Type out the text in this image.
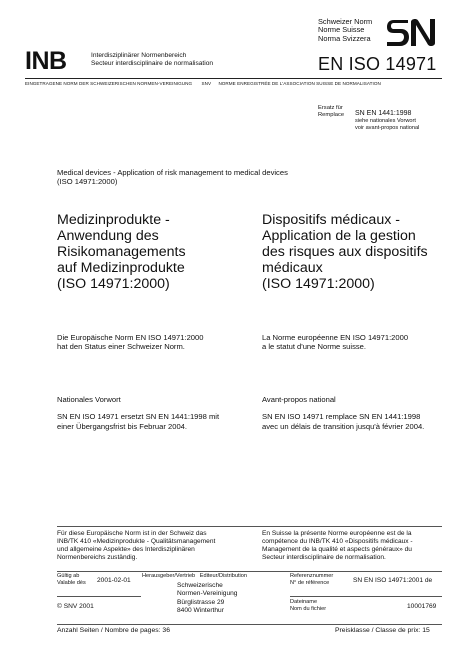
INB	Interdisziplinärer Normenbereich
Secteur interdisciplinaire de normalisation
Schweizer Norm
Norme Suisse
Norma Svizzera
SN
EN ISO 14971
EINGETRAGENE NORM DER SCHWEIZERISCHEN NORMEN-VEREINIGUNG SNV NORME ENREGISTRÉE DE L'ASSOCIATION SUISSE DE NORMALISATION
Ersatz für
Remplace SN EN 1441:1998
siehe nationales Vorwort
voir avant-propos national
Medical devices - Application of risk management to medical devices
(ISO 14971:2000)
Medizinprodukte -
Anwendung des
Risikomanagements
auf Medizinprodukte
(ISO 14971:2000)
Dispositifs médicaux -
Application de la gestion
des risques aux dispositifs
médicaux
(ISO 14971:2000)
Die Europäische Norm EN ISO 14971:2000
hat den Status einer Schweizer Norm.
La Norme européenne EN ISO 14971:2000
a le statut d'une Norme suisse.
Nationales Vorwort
SN EN ISO 14971 ersetzt SN EN 1441:1998 mit
einer Übergangsfrist bis Februar 2004.
Avant-propos national
SN EN ISO 14971 remplace SN EN 1441:1998
avec un délais de transition jusqu'à février 2004.
Für diese Europäische Norm ist in der Schweiz das
INB/TK 410 «Medizinprodukte - Qualitätsmanagement
und allgemeine Aspekte» des Interdisziplinären
Normenbereichs zuständig.
En Suisse la présente Norme européenne est de la
compétence du INB/TK 410 «Dispositifs médicaux -
Management de la qualité et aspects généraux» du
Secteur interdisciplinaire de normalisation.
Gültig ab
Valable dès 2001-02-01
Herausgeber/Vertrieb Editeur/Distribution
Schweizerische
Normen-Vereinigung
Bürglistrasse 29
8400 Winterthur
Referenznummer
N° de référence	SN EN ISO 14971:2001 de
© SNV 2001
Dateiname
Nom du fichier	10001769
Anzahl Seiten / Nombre de pages: 36	Preisklasse / Classe de prix: 15
